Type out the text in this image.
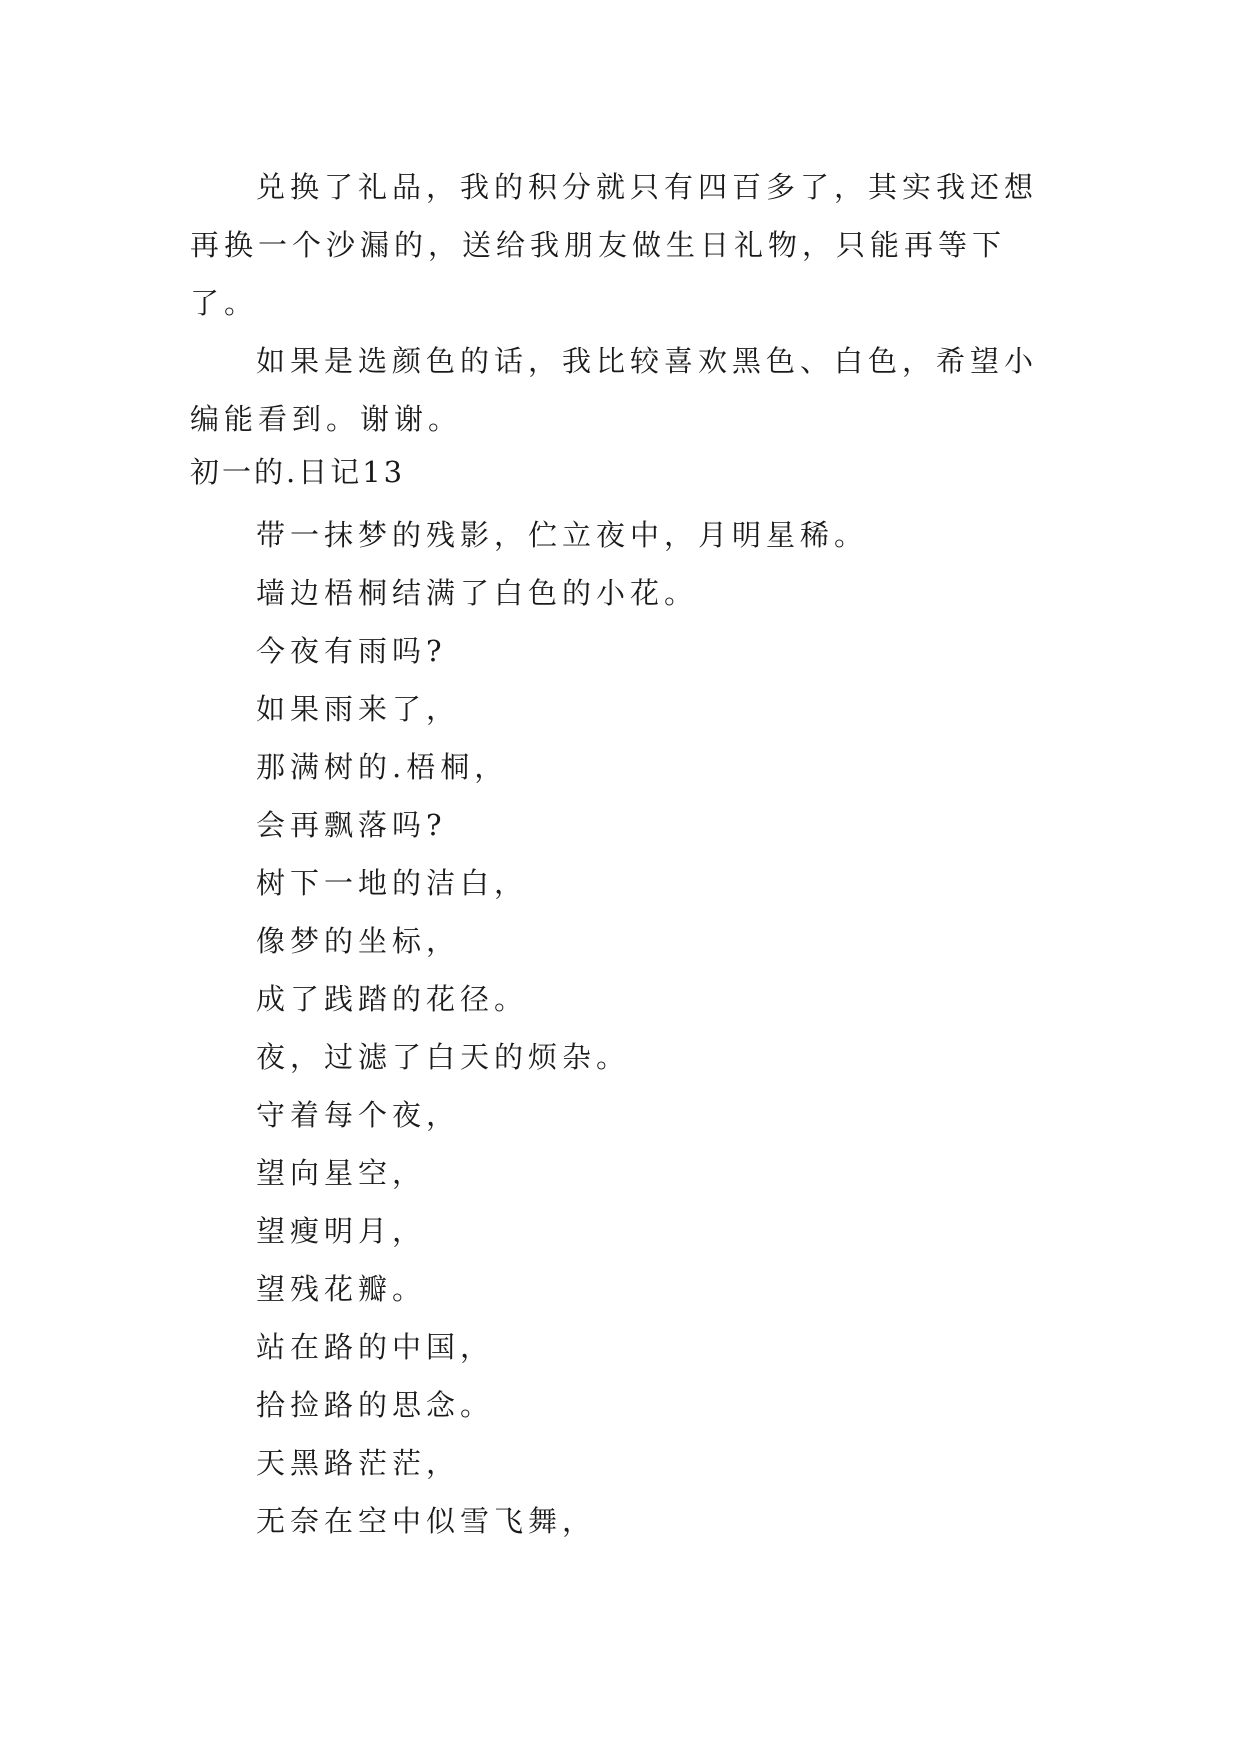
兑换了礼品，我的积分就只有四百多了，其实我还想再换一个沙漏的，送给我朋友做生日礼物，只能再等下了。

如果是选颜色的话，我比较喜欢黑色、白色，希望小编能看到。谢谢。

初一的.日记13
带一抹梦的残影，伫立夜中，月明星稀。
墙边梧桐结满了白色的小花。
今夜有雨吗?
如果雨来了，
那满树的.梧桐，
会再飘落吗?
树下一地的洁白，
像梦的坐标，
成了践踏的花径。
夜，过滤了白天的烦杂。
守着每个夜，
望向星空，
望瘦明月，
望残花瓣。
站在路的中国，
拾捡路的思念。
天黑路茫茫，
无奈在空中似雪飞舞，
